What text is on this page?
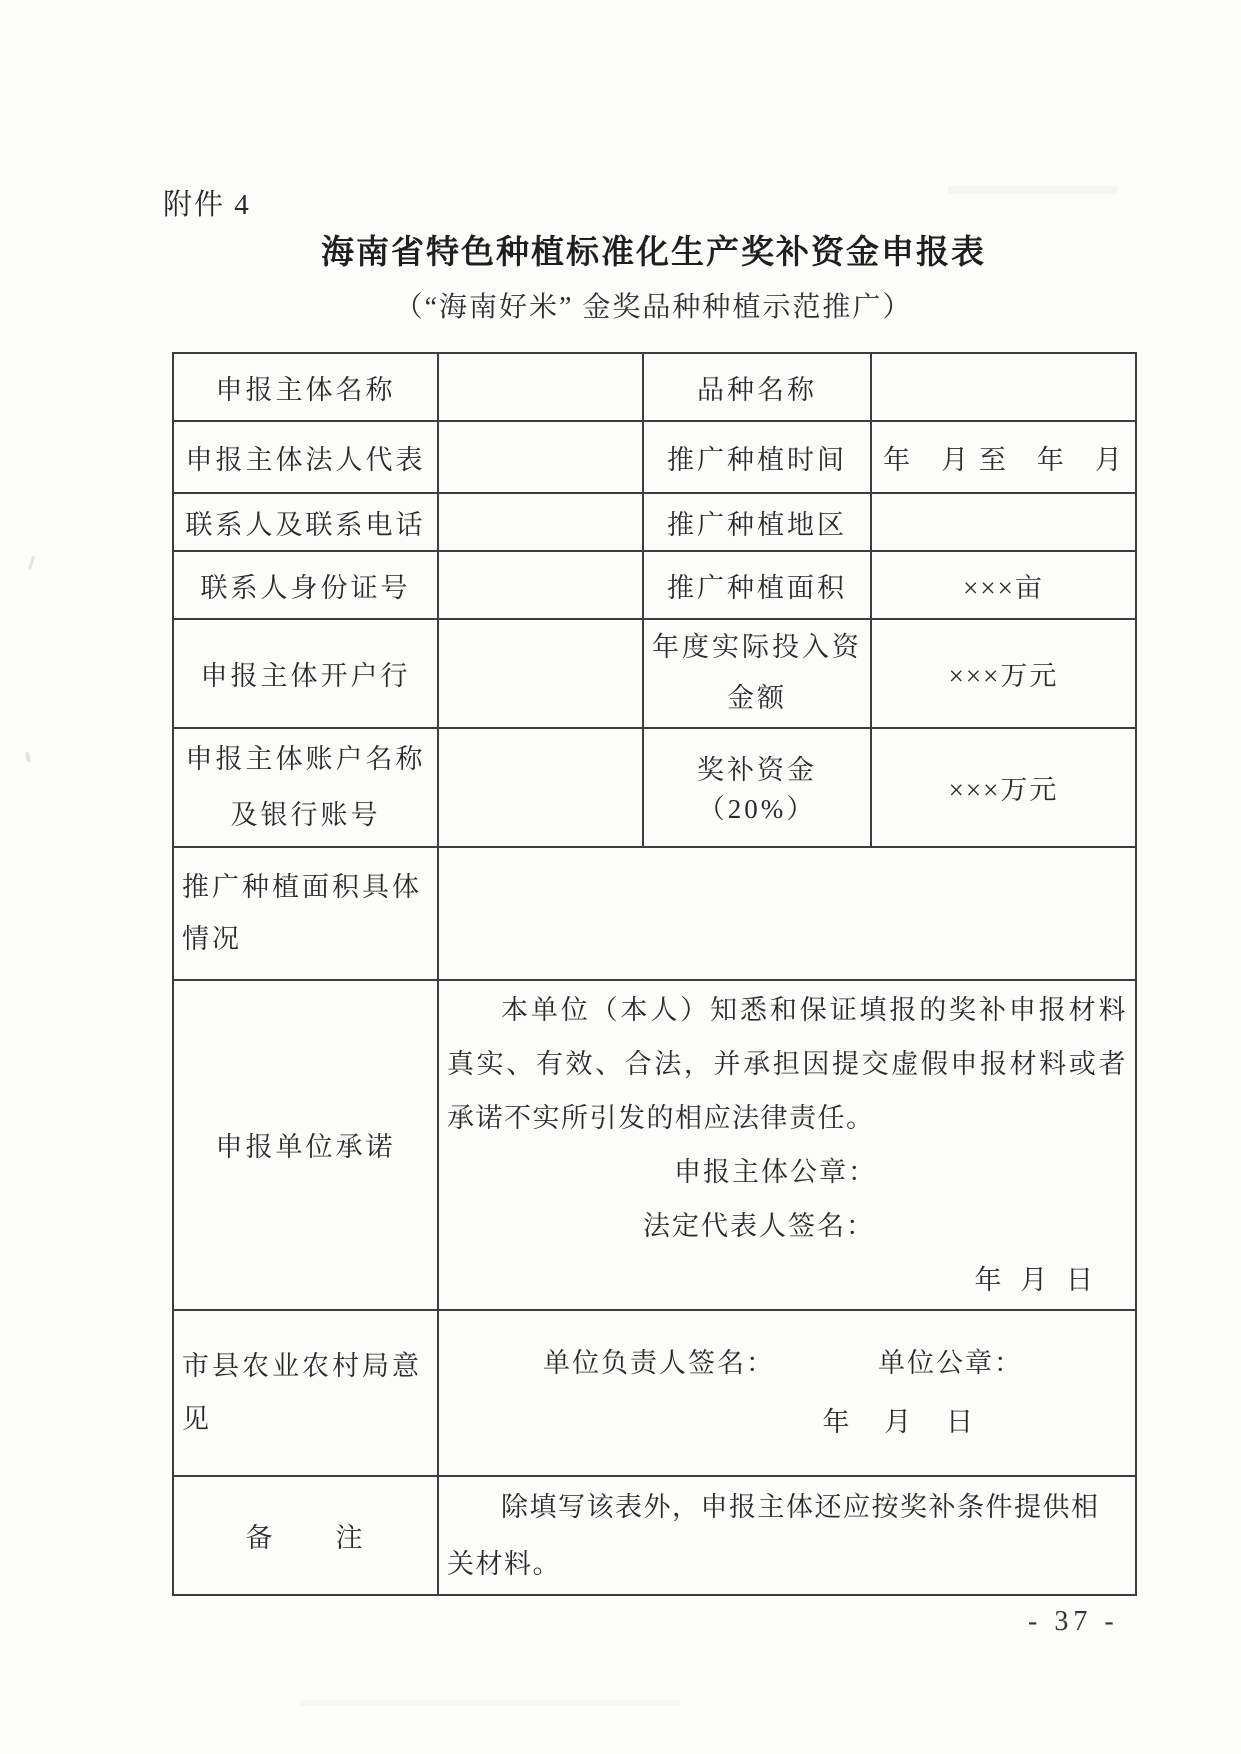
附件 4
海南省特色种植标准化生产奖补资金申报表
（“海南好米” 金奖品种种植示范推广）
申报主体名称		品种名称	
申报主体法人代表		推广种植时间	年　月 至　年　月
联系人及联系电话		推广种植地区	
联系人身份证号		推广种植面积	×××亩
申报主体开户行		年度实际投入资金额	×××万元
申报主体账户名称及银行账号		奖补资金（20%）	×××万元
推广种植面积具体情况			
申报单位承诺	本单位（本人）知悉和保证填报的奖补申报材料真实、有效、合法，并承担因提交虚假申报材料或者承诺不实所引发的相应法律责任。
申报主体公章：
法定代表人签名：
年 月 日		

市县农业农村局意见	单位负责人签名： 单位公章：
年 月 日		

备　　注	除填写该表外，申报主体还应按奖补条件提供相关材料。		
- 37 -
